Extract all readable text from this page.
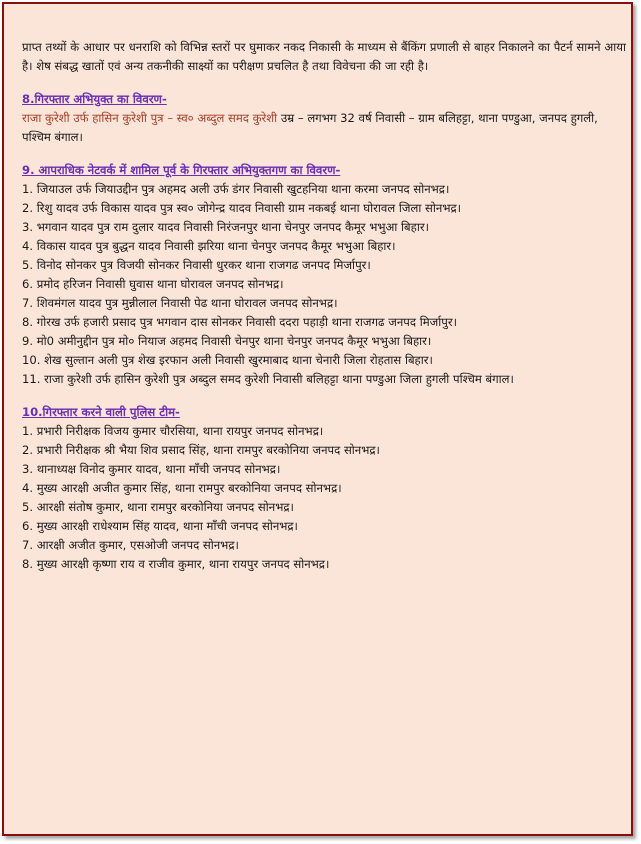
प्राप्त तथ्यों के आधार पर धनराशि को विभिन्न स्तरों पर घुमाकर नकद निकासी के माध्यम से बैंकिंग प्रणाली से बाहर निकालने का पैटर्न सामने आया है। शेष संबद्ध खातों एवं अन्य तकनीकी साक्ष्यों का परीक्षण प्रचलित है तथा विवेचना की जा रही है।

8.गिरफ्तार अभियुक्त का विवरण-

राजा कुरेशी उर्फ हासिन कुरेशी पुत्र – स्व० अब्दुल समद कुरेशी उम्र – लगभग 32 वर्ष निवासी – ग्राम बलिहट्टा, थाना पण्डुआ, जनपद हुगली, पश्चिम बंगाल।

9. आपराधिक नेटवर्क में शामिल पूर्व के गिरफ्तार अभियुक्तगण का विवरण-

1. जियाउल उर्फ जियाउद्दीन पुत्र अहमद अली उर्फ डंगर निवासी खुटहनिया थाना करमा जनपद सोनभद्र।
2. रिशु यादव उर्फ विकास यादव पुत्र स्व० जोगेन्द्र यादव निवासी ग्राम नकबई थाना घोरावल जिला सोनभद्र।
3. भगवान यादव पुत्र राम दुलार यादव निवासी निरंजनपुर थाना चेनपुर जनपद कैमूर भभुआ बिहार।
4. विकास यादव पुत्र बुद्धन यादव निवासी झरिया थाना चेनपुर जनपद कैमूर भभुआ बिहार।
5. विनोद सोनकर पुत्र विजयी सोनकर निवासी धुरकर थाना राजगढ जनपद मिर्जापुर।
6. प्रमोद हरिजन निवासी घुवास थाना घोरावल जनपद सोनभद्र।
7. शिवमंगल यादव पुत्र मुन्नीलाल निवासी पेढ थाना घोरावल जनपद सोनभद्र।
8. गोरख उर्फ हजारी प्रसाद पुत्र भगवान दास सोनकर निवासी ददरा पहाड़ी थाना राजगढ जनपद मिर्जापुर।
9. मो0 अमीनुद्दीन पुत्र मो० नियाज अहमद निवासी चेनपुर थाना चेनपुर जनपद कैमूर भभुआ बिहार।
10. शेख सुल्तान अली पुत्र शेख इरफान अली निवासी खुरमाबाद थाना चेनारी जिला रोहतास बिहार।
11. राजा कुरेशी उर्फ हासिन कुरेशी पुत्र अब्दुल समद कुरेशी निवासी बलिहट्टा थाना पण्डुआ जिला हुगली पश्चिम बंगाल।

10.गिरफ्तार करने वाली पुलिस टीम-

1. प्रभारी निरीक्षक विजय कुमार चौरसिया, थाना रायपुर जनपद सोनभद्र।
2. प्रभारी निरीक्षक श्री भैया शिव प्रसाद सिंह, थाना रामपुर बरकोनिया जनपद सोनभद्र।
3. थानाध्यक्ष विनोद कुमार यादव, थाना माँची जनपद सोनभद्र।
4. मुख्य आरक्षी अजीत कुमार सिंह, थाना रामपुर बरकोनिया जनपद सोनभद्र।
5. आरक्षी संतोष कुमार, थाना रामपुर बरकोनिया जनपद सोनभद्र।
6. मुख्य आरक्षी राधेश्याम सिंह यादव, थाना माँची जनपद सोनभद्र।
7. आरक्षी अजीत कुमार, एसओजी जनपद सोनभद्र।
8. मुख्य आरक्षी कृष्णा राय व राजीव कुमार, थाना रायपुर जनपद सोनभद्र।
